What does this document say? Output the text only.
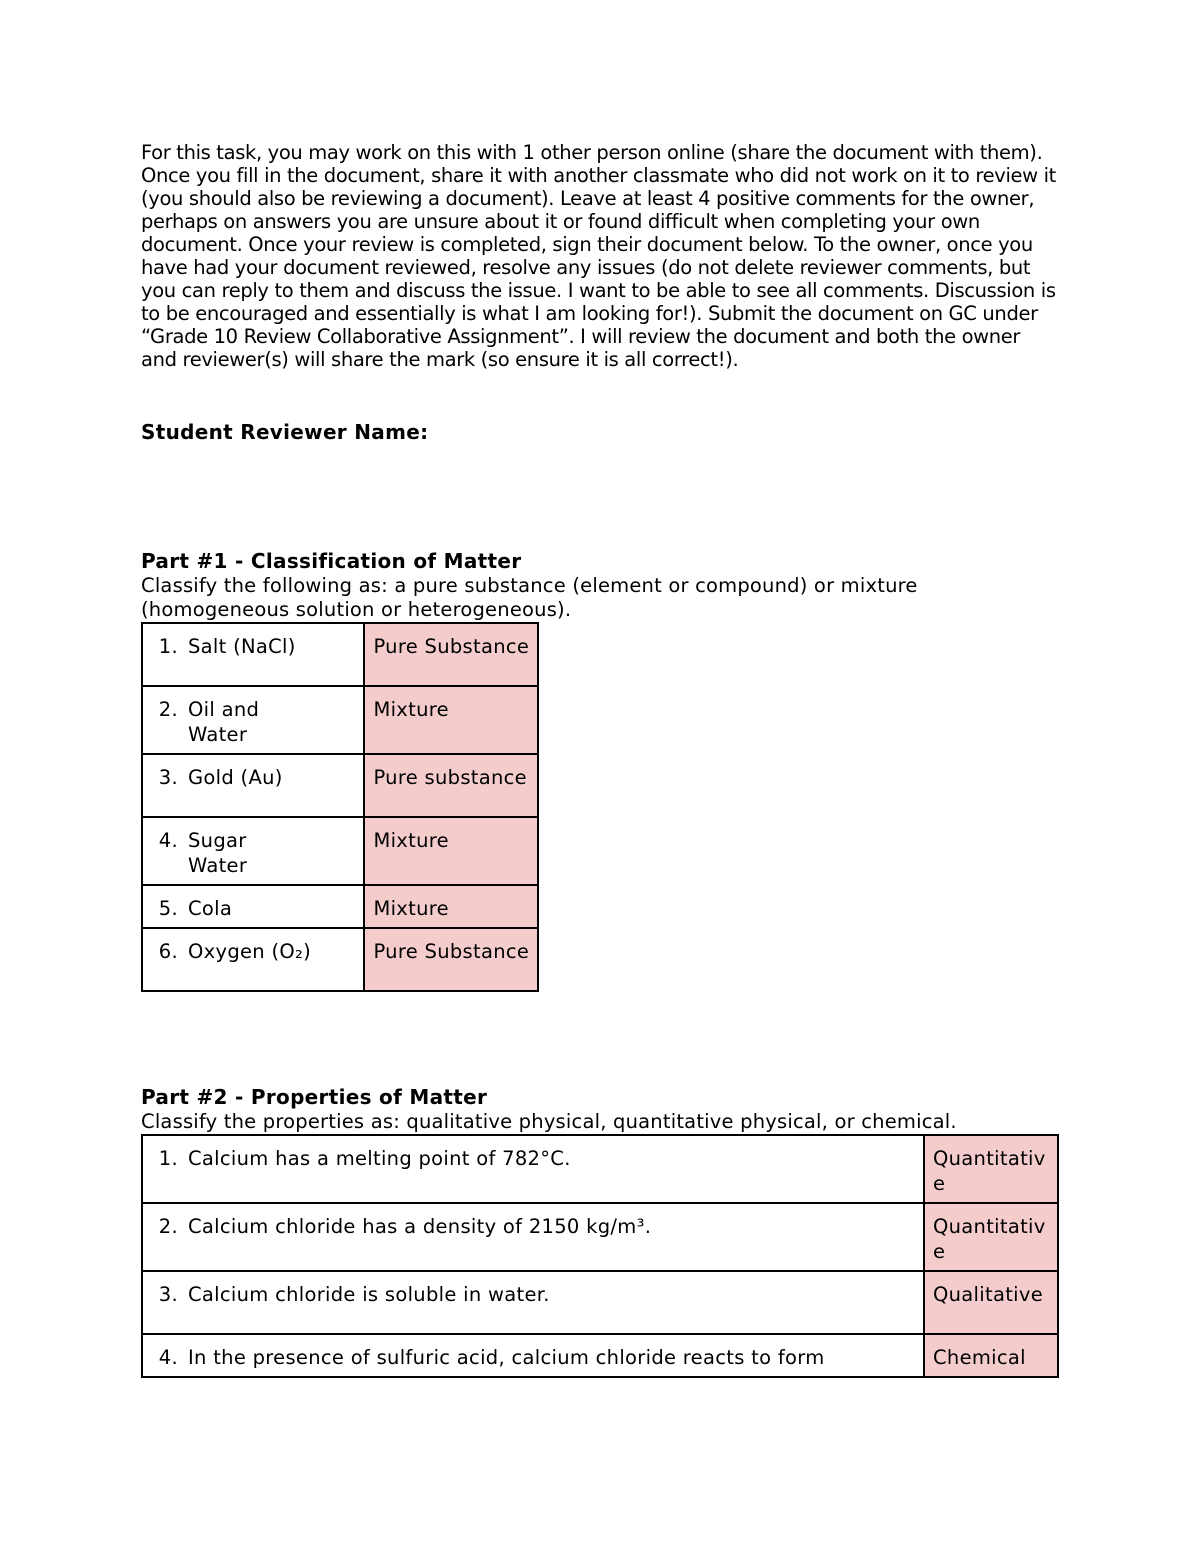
For this task, you may work on this with 1 other person online (share the document with them). Once you fill in the document, share it with another classmate who did not work on it to review it (you should also be reviewing a document). Leave at least 4 positive comments for the owner, perhaps on answers you are unsure about it or found difficult when completing your own document. Once your review is completed, sign their document below. To the owner, once you have had your document reviewed, resolve any issues (do not delete reviewer comments, but you can reply to them and discuss the issue. I want to be able to see all comments. Discussion is to be encouraged and essentially is what I am looking for!). Submit the document on GC under “Grade 10 Review Collaborative Assignment”. I will review the document and both the owner and reviewer(s) will share the mark (so ensure it is all correct!).

Student Reviewer Name:

Part #1 - Classification of Matter

Classify the following as: a pure substance (element or compound) or mixture (homogeneous solution or heterogeneous).

1. Salt (NaCl)	Pure Substance
2. Oil and Water	Mixture
3. Gold (Au)	Pure substance
4. Sugar Water	Mixture
5. Cola	Mixture
6. Oxygen (O₂)	Pure Substance

Part #2 - Properties of Matter

Classify the properties as: qualitative physical, quantitative physical, or chemical.

1. Calcium has a melting point of 782°C.	Quantitative
2. Calcium chloride has a density of 2150 kg/m³.	Quantitative
3. Calcium chloride is soluble in water.	Qualitative
4. In the presence of sulfuric acid, calcium chloride reacts to form	Chemical
